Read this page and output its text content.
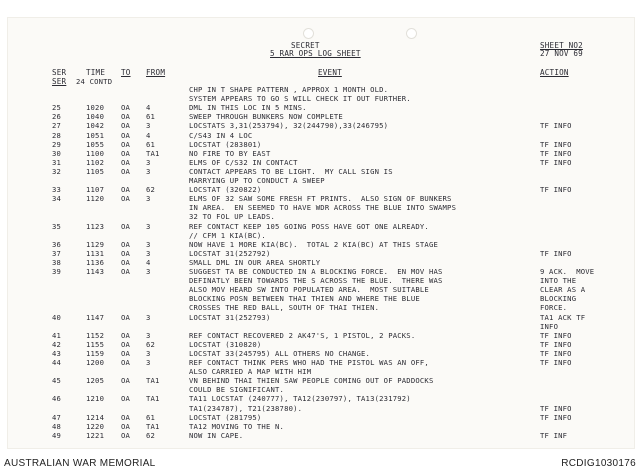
SECRET
5 RAR OPS LOG SHEET
SHEET NO2
27 NOV 69
SER	TIME TO FROM	EVENT	ACTION
SER 24 CONTD
CHP IN T SHAPE PATTERN , APPROX 1 MONTH OLD.
SYSTEM APPEARS TO GO S WILL CHECK IT OUT FURTHER.
25	1020 OA 4	DML IN THIS LOC IN 5 MINS.
26	1040 OA 61	SWEEP THROUGH BUNKERS NOW COMPLETE
27	1042 OA 3	LOCSTATS 3,31(253794), 32(244790),33(246795)	TF INFO
28	1051 OA 4	C/S43 IN 4 LOC
29	1055 OA 61	LOCSTAT (283801)	TF INFO
30	1100 OA TA1	NO FIRE TO BY EAST	TF INFO
31	1102 OA 3	ELMS OF C/S32 IN CONTACT	TF INFO
32	1105 OA 3	CONTACT APPEARS TO BE LIGHT.  MY CALL SIGN IS
MARRYING UP TO CONDUCT A SWEEP
33	1107 OA 62	LOCSTAT (320822)	TF INFO
34	1120 OA 3	ELMS OF 32 SAW SOME FRESH FT PRINTS.  ALSO SIGN OF BUNKERS
IN AREA.  EN SEEMED TO HAVE WDR ACROSS THE BLUE INTO SWAMPS
32 TO FOL UP LEADS.
35	1123 OA 3	REF CONTACT KEEP 105 GOING POSS HAVE GOT ONE ALREADY.
// CFM 1 KIA(BC).
36	1129 OA 3	NOW HAVE 1 MORE KIA(BC).  TOTAL 2 KIA(BC) AT THIS STAGE
37	1131 OA 3	LOCSTAT 31(252792)	TF INFO
38	1136 OA 4	SMALL DML IN OUR AREA SHORTLY
39	1143 OA 3	SUGGEST TA BE CONDUCTED IN A BLOCKING FORCE.  EN MOV HAS	9 ACK.  MOVE
DEFINATLY BEEN TOWARDS THE S ACROSS THE BLUE.  THERE WAS	INTO THE
ALSO MOV HEARD SW INTO POPULATED AREA.  MOST SUITABLE	CLEAR AS A
BLOCKING POSN BETWEEN THAI THIEN AND WHERE THE BLUE	BLOCKING
CROSSES THE RED BALL, SOUTH OF THAI THIEN.	FORCE.
40	1147 OA 3	LOCSTAT 31(252793)	TA1 ACK TF
INFO
41	1152 OA 3	REF CONTACT RECOVERED 2 AK47'S, 1 PISTOL, 2 PACKS.	TF INFO
42	1155 OA 62	LOCSTAT (310820)	TF INFO
43	1159 OA 3	LOCSTAT 33(245795) ALL OTHERS NO CHANGE.	TF INFO
44	1200 OA 3	REF CONTACT THINK PERS WHO HAD THE PISTOL WAS AN OFF,	TF INFO
ALSO CARRIED A MAP WITH HIM
45	1205 OA TA1	VN BEHIND THAI THIEN SAW PEOPLE COMING OUT OF PADDOCKS
COULD BE SIGNIFICANT.
46	1210 OA TA1	TA11 LOCSTAT (240777), TA12(230797), TA13(231792)
TA1(234787), T21(238780).	TF INFO
47	1214 OA 61	LOCSTAT (281795)	TF INFO
48	1220 OA TA1	TA12 MOVING TO THE N.
49	1221 OA 62	NOW IN CAPE.	TF INF
AUSTRALIAN WAR MEMORIAL	RCDIG1030176
